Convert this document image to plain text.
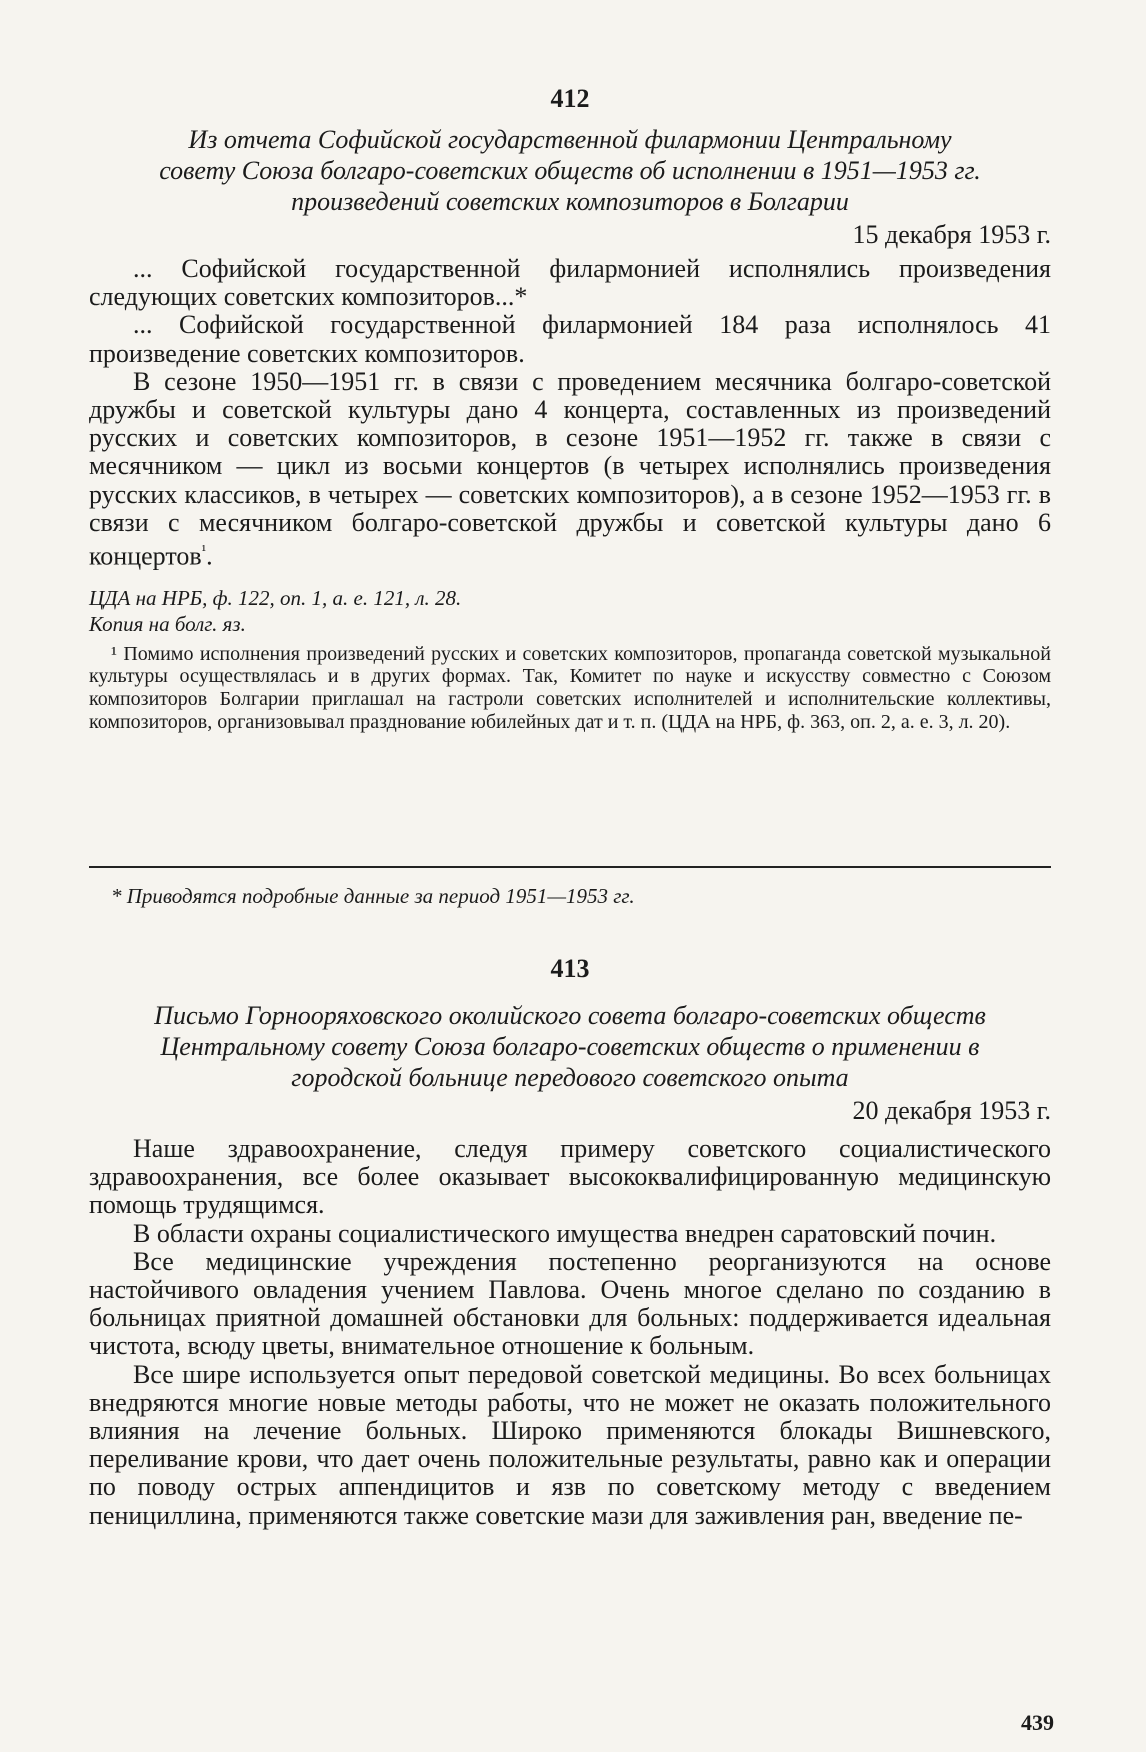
412

Из отчета Софийской государственной филармонии Центральному совету Союза болгаро-советских обществ об исполнении в 1951—1953 гг. произведений советских композиторов в Болгарии

15 декабря 1953 г.

... Софийской государственной филармонией исполнялись произведения следующих советских композиторов...*

... Софийской государственной филармонией 184 раза исполнялось 41 произведение советских композиторов.

В сезоне 1950—1951 гг. в связи с проведением месячника болгаро-советской дружбы и советской культуры дано 4 концерта, составленных из произведений русских и советских композиторов, в сезоне 1951—1952 гг. также в связи с месячником — цикл из восьми концертов (в четырех исполнялись произведения русских классиков, в четырех — советских композиторов), а в сезоне 1952—1953 гг. в связи с месячником болгаро-советской дружбы и советской культуры дано 6 концертов$^{^1}$.

ЦДА на НРБ, ф. 122, оп. 1, а. е. 121, л. 28.

Копия на болг. яз.

¹ Помимо исполнения произведений русских и советских композиторов, пропаганда советской музыкальной культуры осуществлялась и в других формах. Так, Комитет по науке и искусству совместно с Союзом композиторов Болгарии приглашал на гастроли советских исполнителей и исполнительские коллективы, композиторов, организовывал празднование юбилейных дат и т. п. (ЦДА на НРБ, ф. 363, оп. 2, а. е. 3, л. 20).

* Приводятся подробные данные за период 1951—1953 гг.

413

Письмо Горнооряховского околийского совета болгаро-советских обществ Центральному совету Союза болгаро-советских обществ о применении в городской больнице передового советского опыта

20 декабря 1953 г.

Наше здравоохранение, следуя примеру советского социалистического здравоохранения, все более оказывает высококвалифицированную медицинскую помощь трудящимся.

В области охраны социалистического имущества внедрен саратовский почин.

Все медицинские учреждения постепенно реорганизуются на основе настойчивого овладения учением Павлова. Очень многое сделано по созданию в больницах приятной домашней обстановки для больных: поддерживается идеальная чистота, всюду цветы, внимательное отношение к больным.

Все шире используется опыт передовой советской медицины. Во всех больницах внедряются многие новые методы работы, что не может не оказать положительного влияния на лечение больных. Широко применяются блокады Вишневского, переливание крови, что дает очень положительные результаты, равно как и операции по поводу острых аппендицитов и язв по советскому методу с введением пенициллина, применяются также советские мази для заживления ран, введение пе-

439
